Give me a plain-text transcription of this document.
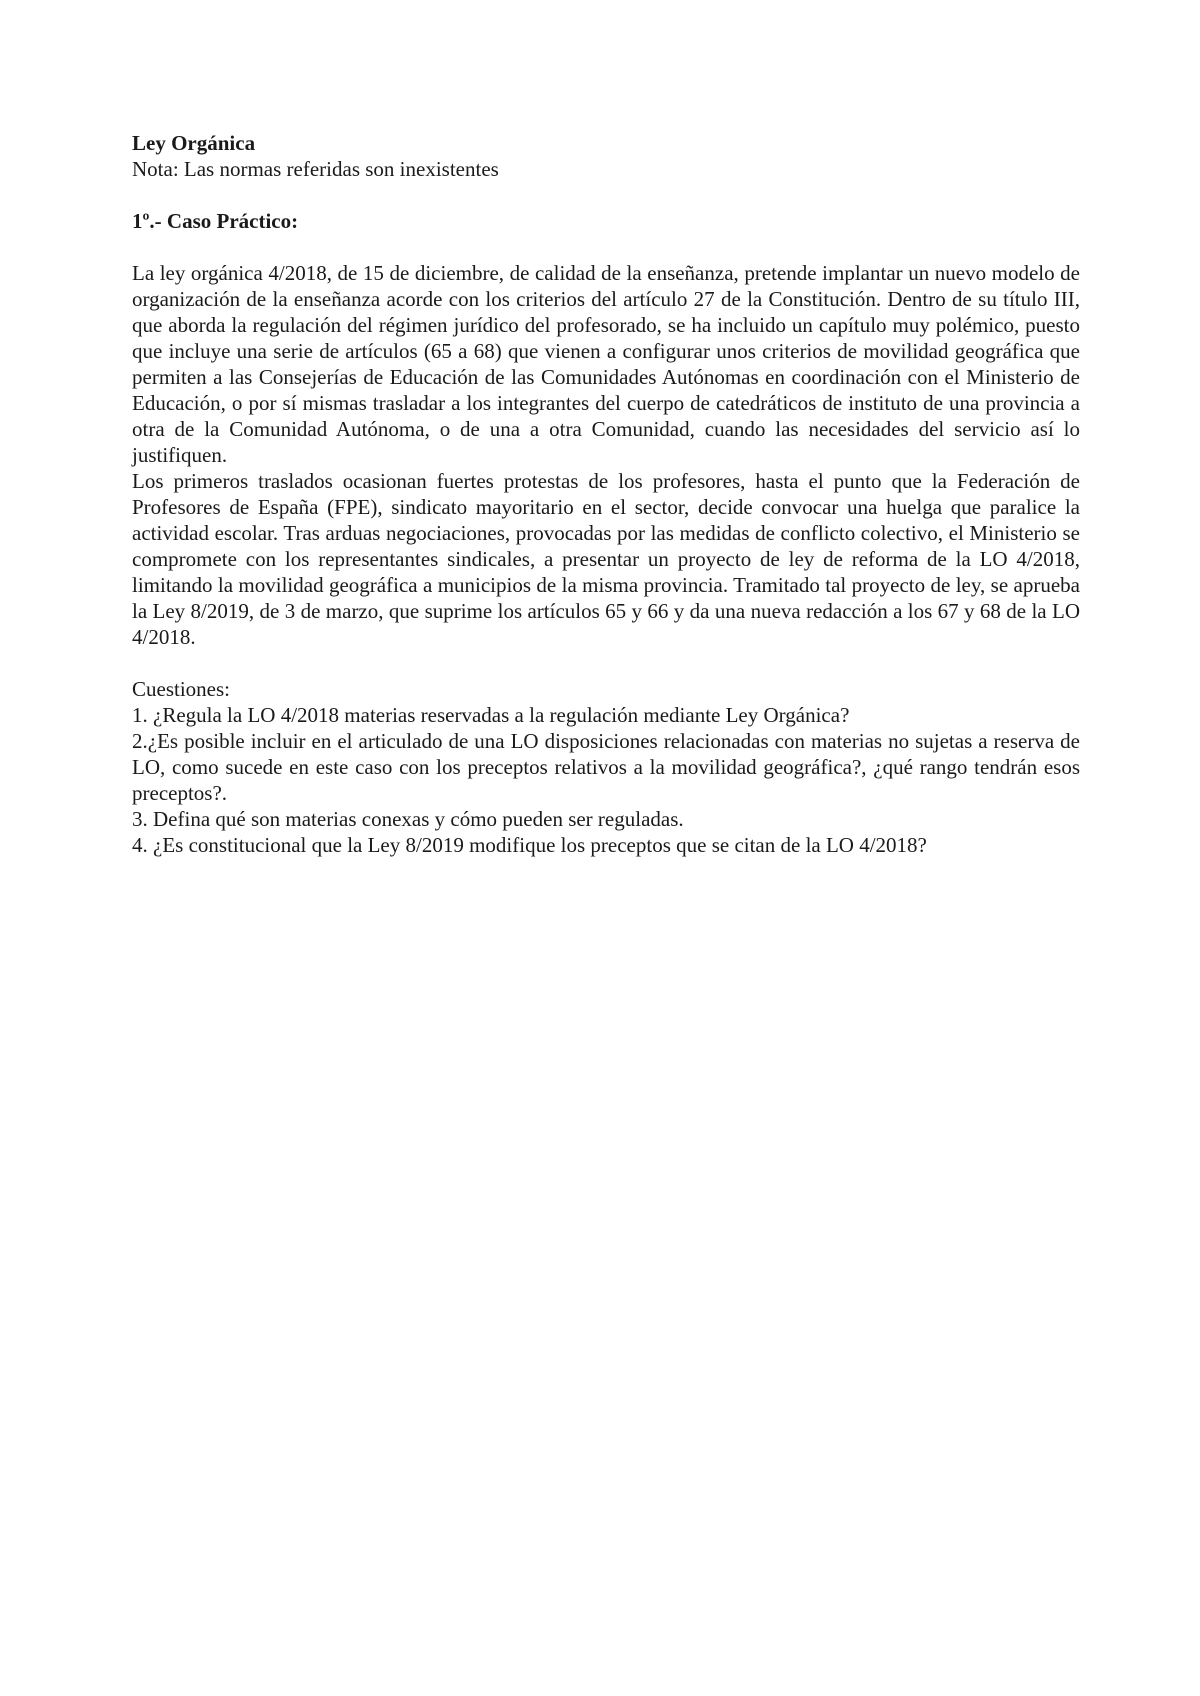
Ley Orgánica

Nota: Las normas referidas son inexistentes

1º.- Caso Práctico:

La ley orgánica 4/2018, de 15 de diciembre, de calidad de la enseñanza, pretende implantar un nuevo modelo de organización de la enseñanza acorde con los criterios del artículo 27 de la Constitución. Dentro de su título III, que aborda la regulación del régimen jurídico del profesorado, se ha incluido un capítulo muy polémico, puesto que incluye una serie de artículos (65 a 68) que vienen a configurar unos criterios de movilidad geográfica que permiten a las Consejerías de Educación de las Comunidades Autónomas en coordinación con el Ministerio de Educación, o por sí mismas trasladar a los integrantes del cuerpo de catedráticos de instituto de una provincia a otra de la Comunidad Autónoma, o de una a otra Comunidad, cuando las necesidades del servicio así lo justifiquen.

Los primeros traslados ocasionan fuertes protestas de los profesores, hasta el punto que la Federación de Profesores de España (FPE), sindicato mayoritario en el sector, decide convocar una huelga que paralice la actividad escolar. Tras arduas negociaciones, provocadas por las medidas de conflicto colectivo, el Ministerio se compromete con los representantes sindicales, a presentar un proyecto de ley de reforma de la LO 4/2018, limitando la movilidad geográfica a municipios de la misma provincia. Tramitado tal proyecto de ley, se aprueba la Ley 8/2019, de 3 de marzo, que suprime los artículos 65 y 66 y da una nueva redacción a los 67 y 68 de la LO 4/2018.

Cuestiones:

1. ¿Regula la LO 4/2018 materias reservadas a la regulación mediante Ley Orgánica?

2.¿Es posible incluir en el articulado de una LO disposiciones relacionadas con materias no sujetas a reserva de LO, como sucede en este caso con los preceptos relativos a la movilidad geográfica?, ¿qué rango tendrán esos preceptos?.

3. Defina qué son materias conexas y cómo pueden ser reguladas.

4. ¿Es constitucional que la Ley 8/2019 modifique los preceptos que se citan de la LO 4/2018?
